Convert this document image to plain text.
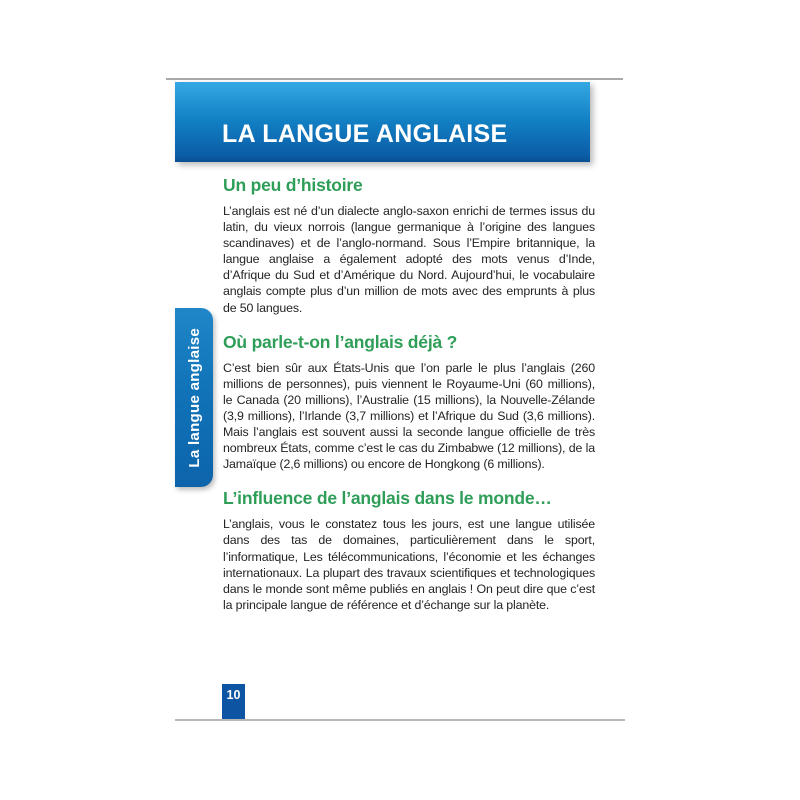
LA LANGUE ANGLAISE
La langue anglaise
Un peu d’histoire

L’anglais est né d’un dialecte anglo-saxon enrichi de termes issus du latin, du vieux norrois (langue germanique à l’origine des langues scandinaves) et de l’anglo-normand. Sous l’Empire britannique, la langue anglaise a également adopté des mots venus d’Inde, d’Afrique du Sud et d’Amérique du Nord. Aujourd’hui, le vocabulaire anglais compte plus d’un million de mots avec des emprunts à plus de 50 langues.

Où parle-t-on l’anglais déjà ?

C’est bien sûr aux États-Unis que l’on parle le plus l’anglais (260 millions de personnes), puis viennent le Royaume-Uni (60 millions), le Canada (20 millions), l’Australie (15 millions), la Nouvelle-Zélande (3,9 millions), l’Irlande (3,7 millions) et l’Afrique du Sud (3,6 millions). Mais l’anglais est souvent aussi la seconde langue officielle de très nombreux États, comme c’est le cas du Zimbabwe (12 millions), de la Jamaïque (2,6 millions) ou encore de Hongkong (6 millions).

L’influence de l’anglais dans le monde…

L’anglais, vous le constatez tous les jours, est une langue utilisée dans des tas de domaines, particulièrement dans le sport, l’informatique, Les télécommunications, l’économie et les échanges internationaux. La plupart des travaux scientifiques et technologiques dans le monde sont même publiés en anglais ! On peut dire que c’est la principale langue de référence et d’échange sur la planète.

10
